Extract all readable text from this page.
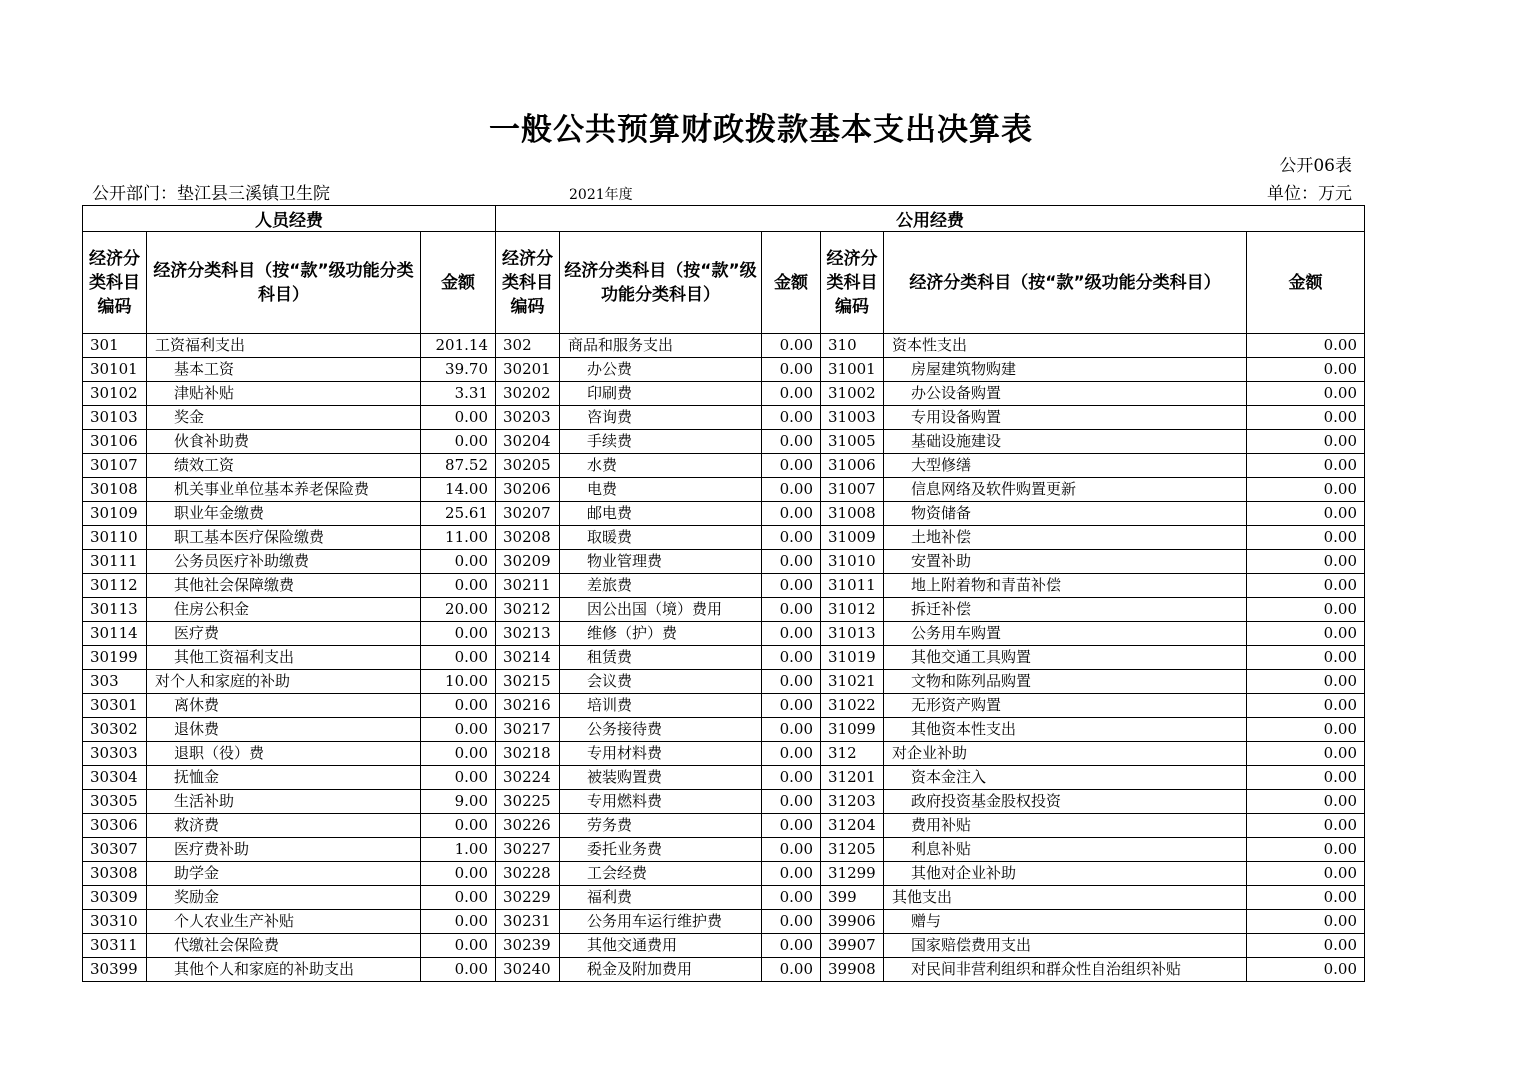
一般公共预算财政拨款基本支出决算表
公开06表
公开部门：垫江县三溪镇卫生院	2021年度	单位：万元
人员经费			公用经费					
经济分类科目编码	经济分类科目（按“款”级功能分类科目）	金额	经济分类科目编码	经济分类科目（按“款”级功能分类科目）	金额	经济分类科目编码	经济分类科目（按“款”级功能分类科目）	金额
301	工资福利支出	201.14	302	商品和服务支出	0.00	310	资本性支出	0.00
30101	基本工资	39.70	30201	办公费	0.00	31001	房屋建筑物购建	0.00
30102	津贴补贴	3.31	30202	印刷费	0.00	31002	办公设备购置	0.00
30103	奖金	0.00	30203	咨询费	0.00	31003	专用设备购置	0.00
30106	伙食补助费	0.00	30204	手续费	0.00	31005	基础设施建设	0.00
30107	绩效工资	87.52	30205	水费	0.00	31006	大型修缮	0.00
30108	机关事业单位基本养老保险费	14.00	30206	电费	0.00	31007	信息网络及软件购置更新	0.00
30109	职业年金缴费	25.61	30207	邮电费	0.00	31008	物资储备	0.00
30110	职工基本医疗保险缴费	11.00	30208	取暖费	0.00	31009	土地补偿	0.00
30111	公务员医疗补助缴费	0.00	30209	物业管理费	0.00	31010	安置补助	0.00
30112	其他社会保障缴费	0.00	30211	差旅费	0.00	31011	地上附着物和青苗补偿	0.00
30113	住房公积金	20.00	30212	因公出国（境）费用	0.00	31012	拆迁补偿	0.00
30114	医疗费	0.00	30213	维修（护）费	0.00	31013	公务用车购置	0.00
30199	其他工资福利支出	0.00	30214	租赁费	0.00	31019	其他交通工具购置	0.00
303	对个人和家庭的补助	10.00	30215	会议费	0.00	31021	文物和陈列品购置	0.00
30301	离休费	0.00	30216	培训费	0.00	31022	无形资产购置	0.00
30302	退休费	0.00	30217	公务接待费	0.00	31099	其他资本性支出	0.00
30303	退职（役）费	0.00	30218	专用材料费	0.00	312	对企业补助	0.00
30304	抚恤金	0.00	30224	被装购置费	0.00	31201	资本金注入	0.00
30305	生活补助	9.00	30225	专用燃料费	0.00	31203	政府投资基金股权投资	0.00
30306	救济费	0.00	30226	劳务费	0.00	31204	费用补贴	0.00
30307	医疗费补助	1.00	30227	委托业务费	0.00	31205	利息补贴	0.00
30308	助学金	0.00	30228	工会经费	0.00	31299	其他对企业补助	0.00
30309	奖励金	0.00	30229	福利费	0.00	399	其他支出	0.00
30310	个人农业生产补贴	0.00	30231	公务用车运行维护费	0.00	39906	赠与	0.00
30311	代缴社会保险费	0.00	30239	其他交通费用	0.00	39907	国家赔偿费用支出	0.00
30399	其他个人和家庭的补助支出	0.00	30240	税金及附加费用	0.00	39908	对民间非营利组织和群众性自治组织补贴	0.00
